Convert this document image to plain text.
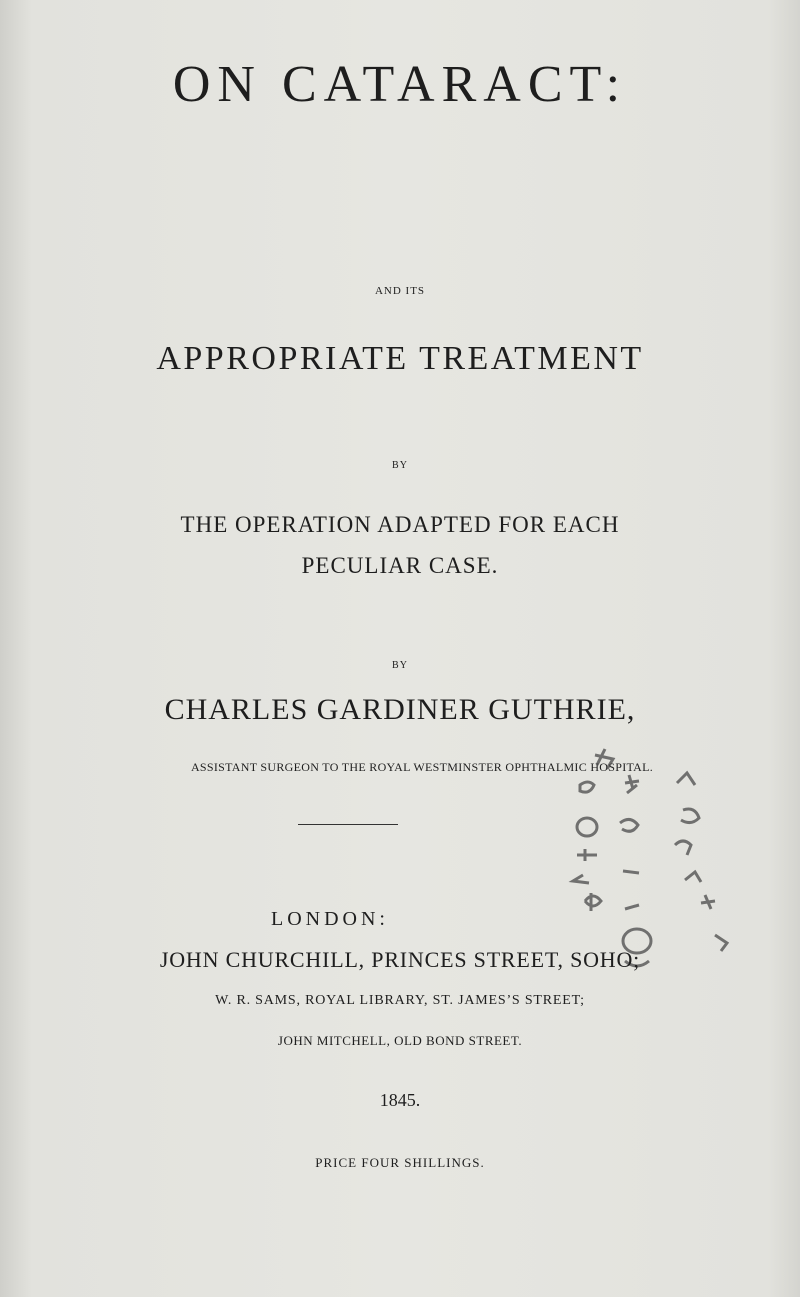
ON CATARACT:
AND ITS
APPROPRIATE TREATMENT
BY
THE OPERATION ADAPTED FOR EACH
PECULIAR CASE.
BY
CHARLES GARDINER GUTHRIE,
ASSISTANT SURGEON TO THE ROYAL WESTMINSTER OPHTHALMIC HOSPITAL.
LONDON:
JOHN CHURCHILL, PRINCES STREET, SOHO;
W. R. SAMS, ROYAL LIBRARY, ST. JAMES’S STREET;
JOHN MITCHELL, OLD BOND STREET.
1845.
PRICE FOUR SHILLINGS.
